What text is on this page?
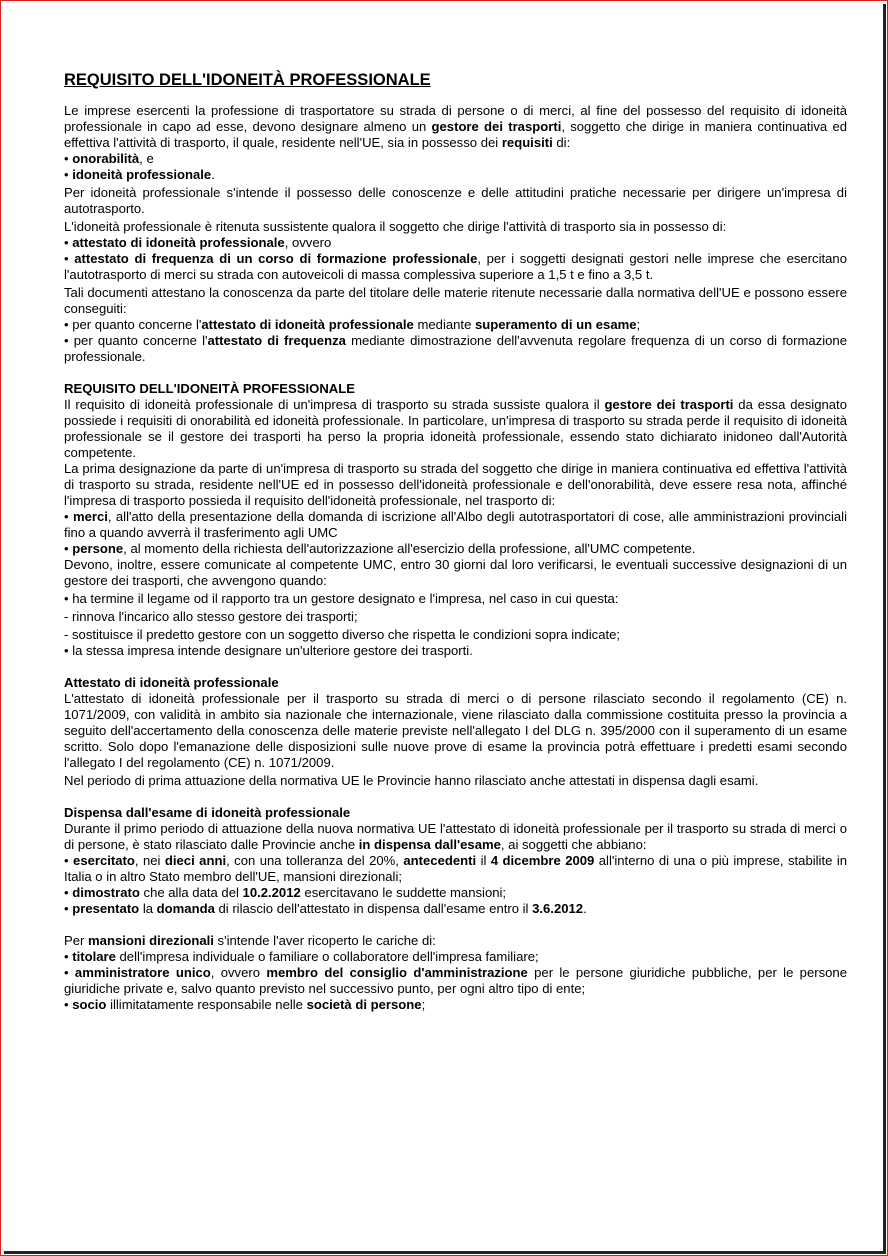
REQUISITO DELL'IDONEITÀ PROFESSIONALE

Le imprese esercenti la professione di trasportatore su strada di persone o di merci, al fine del possesso del requisito di idoneità professionale in capo ad esse, devono designare almeno un gestore dei trasporti, soggetto che dirige in maniera continuativa ed effettiva l'attività di trasporto, il quale, residente nell'UE, sia in possesso dei requisiti di:

• onorabilità, e

• idoneità professionale.

Per idoneità professionale s'intende il possesso delle conoscenze e delle attitudini pratiche necessarie per dirigere un'impresa di autotrasporto.

L'idoneità professionale è ritenuta sussistente qualora il soggetto che dirige l'attività di trasporto sia in possesso di:

• attestato di idoneità professionale, ovvero

• attestato di frequenza di un corso di formazione professionale, per i soggetti designati gestori nelle imprese che esercitano l'autotrasporto di merci su strada con autoveicoli di massa complessiva superiore a 1,5 t e fino a 3,5 t.

Tali documenti attestano la conoscenza da parte del titolare delle materie ritenute necessarie dalla normativa dell'UE e possono essere conseguiti:

• per quanto concerne l'attestato di idoneità professionale mediante superamento di un esame;

• per quanto concerne l'attestato di frequenza mediante dimostrazione dell'avvenuta regolare frequenza di un corso di formazione professionale.

REQUISITO DELL'IDONEITÀ PROFESSIONALE

Il requisito di idoneità professionale di un'impresa di trasporto su strada sussiste qualora il gestore dei trasporti da essa designato possiede i requisiti di onorabilità ed idoneità professionale. In particolare, un'impresa di trasporto su strada perde il requisito di idoneità professionale se il gestore dei trasporti ha perso la propria idoneità professionale, essendo stato dichiarato inidoneo dall'Autorità competente.

La prima designazione da parte di un'impresa di trasporto su strada del soggetto che dirige in maniera continuativa ed effettiva l'attività di trasporto su strada, residente nell'UE ed in possesso dell'idoneità professionale e dell'onorabilità, deve essere resa nota, affinché l'impresa di trasporto possieda il requisito dell'idoneità professionale, nel trasporto di:

• merci, all'atto della presentazione della domanda di iscrizione all'Albo degli autotrasportatori di cose, alle amministrazioni provinciali fino a quando avverrà il trasferimento agli UMC

• persone, al momento della richiesta dell'autorizzazione all'esercizio della professione, all'UMC competente.

Devono, inoltre, essere comunicate al competente UMC, entro 30 giorni dal loro verificarsi, le eventuali successive designazioni di un gestore dei trasporti, che avvengono quando:

• ha termine il legame od il rapporto tra un gestore designato e l'impresa, nel caso in cui questa:

- rinnova l'incarico allo stesso gestore dei trasporti;

- sostituisce il predetto gestore con un soggetto diverso che rispetta le condizioni sopra indicate;

• la stessa impresa intende designare un'ulteriore gestore dei trasporti.

Attestato di idoneità professionale

L'attestato di idoneità professionale per il trasporto su strada di merci o di persone rilasciato secondo il regolamento (CE) n. 1071/2009, con validità in ambito sia nazionale che internazionale, viene rilasciato dalla commissione costituita presso la provincia a seguito dell'accertamento della conoscenza delle materie previste nell'allegato I del DLG n. 395/2000 con il superamento di un esame scritto. Solo dopo l'emanazione delle disposizioni sulle nuove prove di esame la provincia potrà effettuare i predetti esami secondo l'allegato I del regolamento (CE) n. 1071/2009.

Nel periodo di prima attuazione della normativa UE le Provincie hanno rilasciato anche attestati in dispensa dagli esami.

Dispensa dall'esame di idoneità professionale

Durante il primo periodo di attuazione della nuova normativa UE l'attestato di idoneità professionale per il trasporto su strada di merci o di persone, è stato rilasciato dalle Provincie anche in dispensa dall'esame, ai soggetti che abbiano:

• esercitato, nei dieci anni, con una tolleranza del 20%, antecedenti il 4 dicembre 2009 all'interno di una o più imprese, stabilite in Italia o in altro Stato membro dell'UE, mansioni direzionali;

• dimostrato che alla data del 10.2.2012 esercitavano le suddette mansioni;

• presentato la domanda di rilascio dell'attestato in dispensa dall'esame entro il 3.6.2012.

Per mansioni direzionali s'intende l'aver ricoperto le cariche di:

• titolare dell'impresa individuale o familiare o collaboratore dell'impresa familiare;

• amministratore unico, ovvero membro del consiglio d'amministrazione per le persone giuridiche pubbliche, per le persone giuridiche private e, salvo quanto previsto nel successivo punto, per ogni altro tipo di ente;

• socio illimitatamente responsabile nelle società di persone;
